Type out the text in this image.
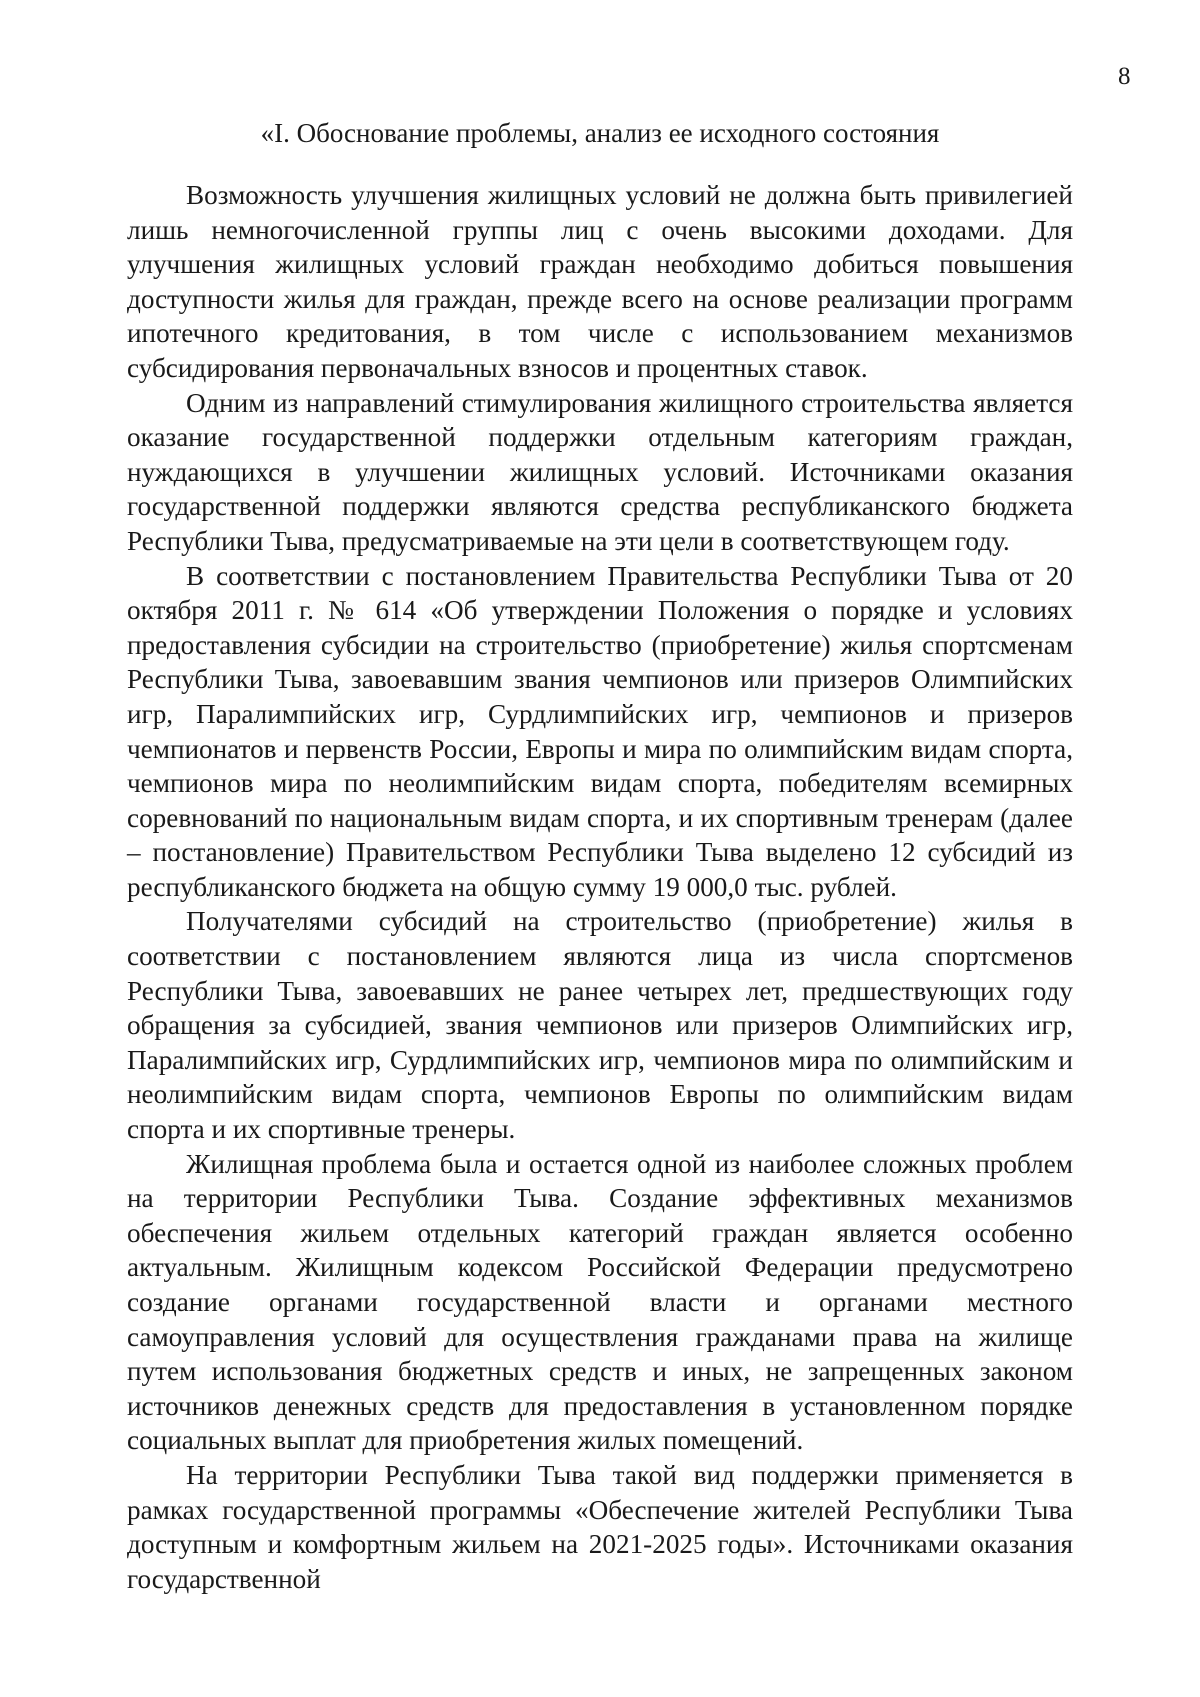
8
«I. Обоснование проблемы, анализ ее исходного состояния

Возможность улучшения жилищных условий не должна быть привилегией лишь немногочисленной группы лиц с очень высокими доходами. Для улучшения жилищных условий граждан необходимо добиться повышения доступности жилья для граждан, прежде всего на основе реализации программ ипотечного кредитования, в том числе с использованием механизмов субсидирования первоначальных взносов и процентных ставок.

Одним из направлений стимулирования жилищного строительства является оказание государственной поддержки отдельным категориям граждан, нуждающихся в улучшении жилищных условий. Источниками оказания государственной поддержки являются средства республиканского бюджета Республики Тыва, предусматриваемые на эти цели в соответствующем году.

В соответствии с постановлением Правительства Республики Тыва от 20 октября 2011 г. № 614 «Об утверждении Положения о порядке и условиях предоставления субсидии на строительство (приобретение) жилья спортсменам Республики Тыва, завоевавшим звания чемпионов или призеров Олимпийских игр, Паралимпийских игр, Сурдлимпийских игр, чемпионов и призеров чемпионатов и первенств России, Европы и мира по олимпийским видам спорта, чемпионов мира по неолимпийским видам спорта, победителям всемирных соревнований по национальным видам спорта, и их спортивным тренерам (далее – постановление) Правительством Республики Тыва выделено 12 субсидий из республиканского бюджета на общую сумму 19 000,0 тыс. рублей.

Получателями субсидий на строительство (приобретение) жилья в соответствии с постановлением являются лица из числа спортсменов Республики Тыва, завоевавших не ранее четырех лет, предшествующих году обращения за субсидией, звания чемпионов или призеров Олимпийских игр, Паралимпийских игр, Сурдлимпийских игр, чемпионов мира по олимпийским и неолимпийским видам спорта, чемпионов Европы по олимпийским видам спорта и их спортивные тренеры.

Жилищная проблема была и остается одной из наиболее сложных проблем на территории Республики Тыва. Создание эффективных механизмов обеспечения жильем отдельных категорий граждан является особенно актуальным. Жилищным кодексом Российской Федерации предусмотрено создание органами государственной власти и органами местного самоуправления условий для осуществления гражданами права на жилище путем использования бюджетных средств и иных, не запрещенных законом источников денежных средств для предоставления в установленном порядке социальных выплат для приобретения жилых помещений.

На территории Республики Тыва такой вид поддержки применяется в рамках государственной программы «Обеспечение жителей Республики Тыва доступным и комфортным жильем на 2021-2025 годы». Источниками оказания государственной
